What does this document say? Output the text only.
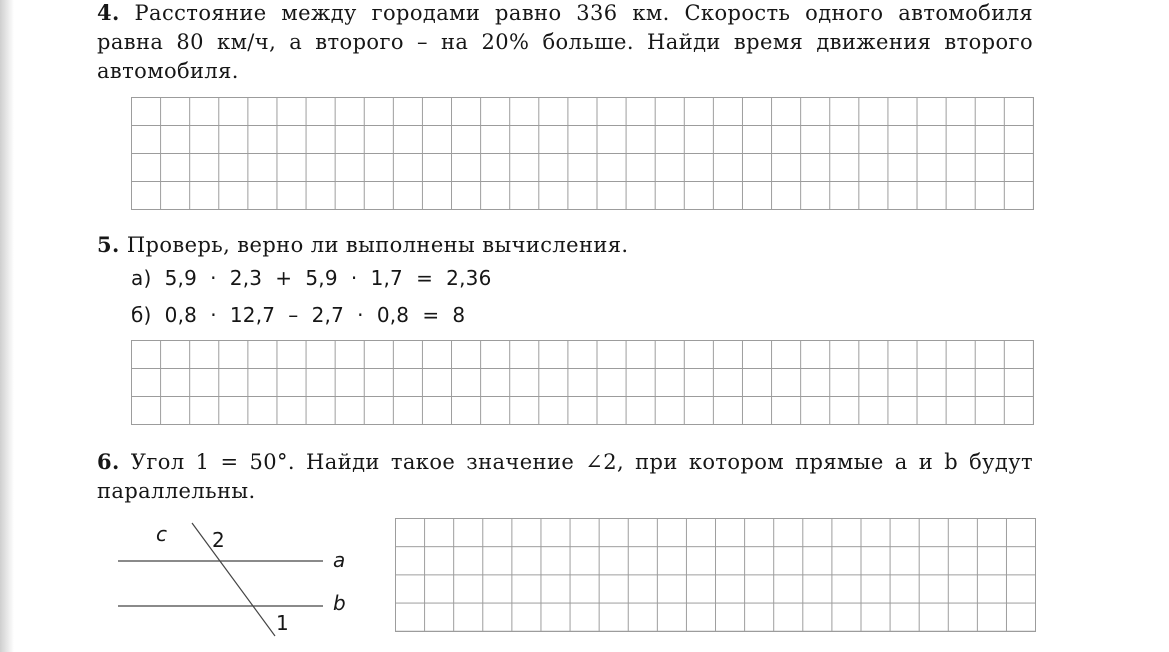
4. Расстояние между городами равно 336 км. Скорость одного автомобиля равна 80 км/ч, а второго – на 20% больше. Найди время движения второго автомобиля.
5. Проверь, верно ли выполнены вычисления.
а) 5,9  ·  2,3  +  5,9  ·  1,7  =  2,36
б) 0,8  ·  12,7  –  2,7  ·  0,8  =  8
6. Угол 1 = 50°. Найди такое значение ∠2, при котором прямые a и b будут параллельны.
c 2
a
b
1
